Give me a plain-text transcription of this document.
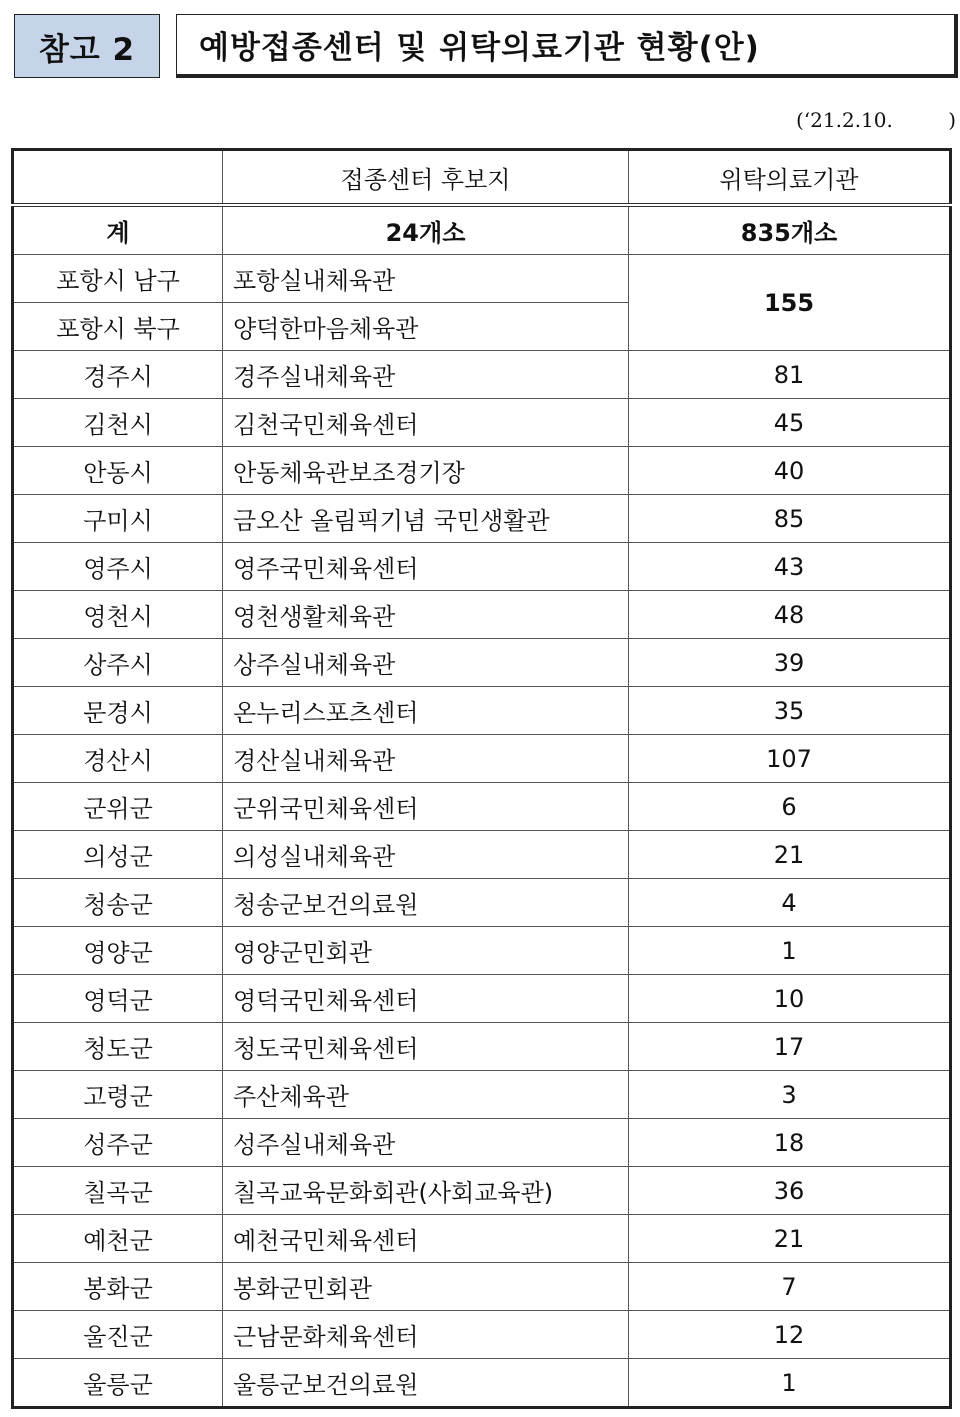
참고 2 예방접종센터 및 위탁의료기관 현황(안)
(‘21.2.10.	)
	접종센터 후보지	위탁의료기관
계	24개소	835개소
포항시 남구	포항실내체육관	155
포항시 북구	양덕한마음체육관	
경주시	경주실내체육관	81
김천시	김천국민체육센터	45
안동시	안동체육관보조경기장	40
구미시	금오산 올림픽기념 국민생활관	85
영주시	영주국민체육센터	43
영천시	영천생활체육관	48
상주시	상주실내체육관	39
문경시	온누리스포츠센터	35
경산시	경산실내체육관	107
군위군	군위국민체육센터	6
의성군	의성실내체육관	21
청송군	청송군보건의료원	4
영양군	영양군민회관	1
영덕군	영덕국민체육센터	10
청도군	청도국민체육센터	17
고령군	주산체육관	3
성주군	성주실내체육관	18
칠곡군	칠곡교육문화회관(사회교육관)	36
예천군	예천국민체육센터	21
봉화군	봉화군민회관	7
울진군	근남문화체육센터	12
울릉군	울릉군보건의료원	1
